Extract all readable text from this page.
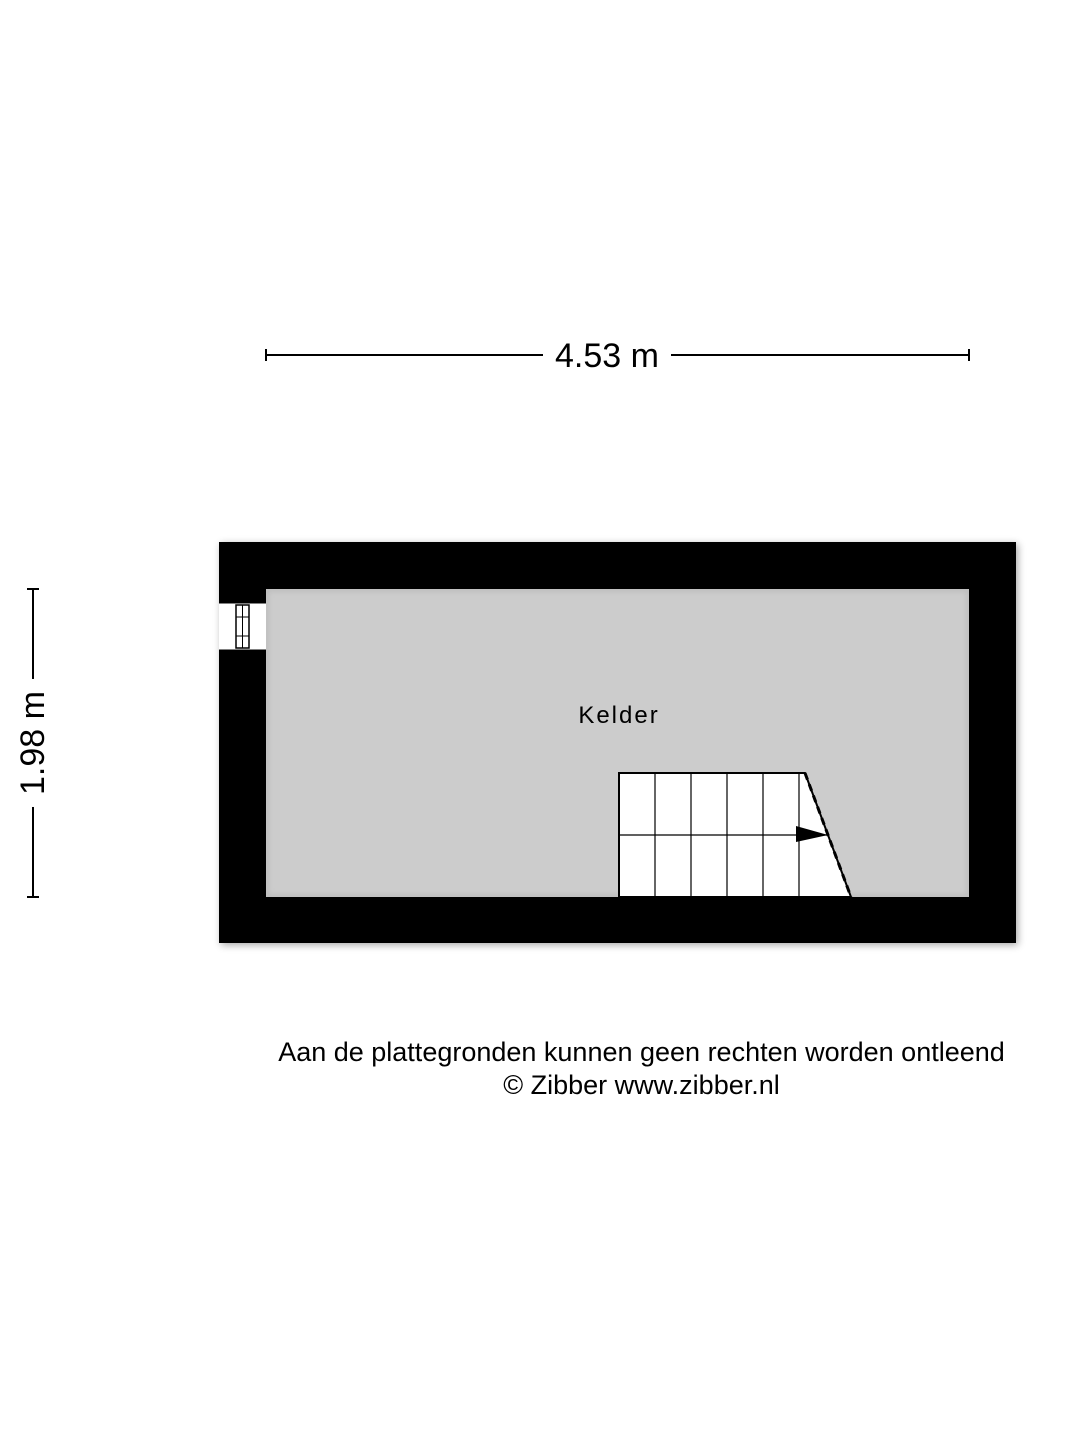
4.53 m
1.98 m	Kelder
Aan de plattegronden kunnen geen rechten worden ontleend
© Zibber www.zibber.nl
